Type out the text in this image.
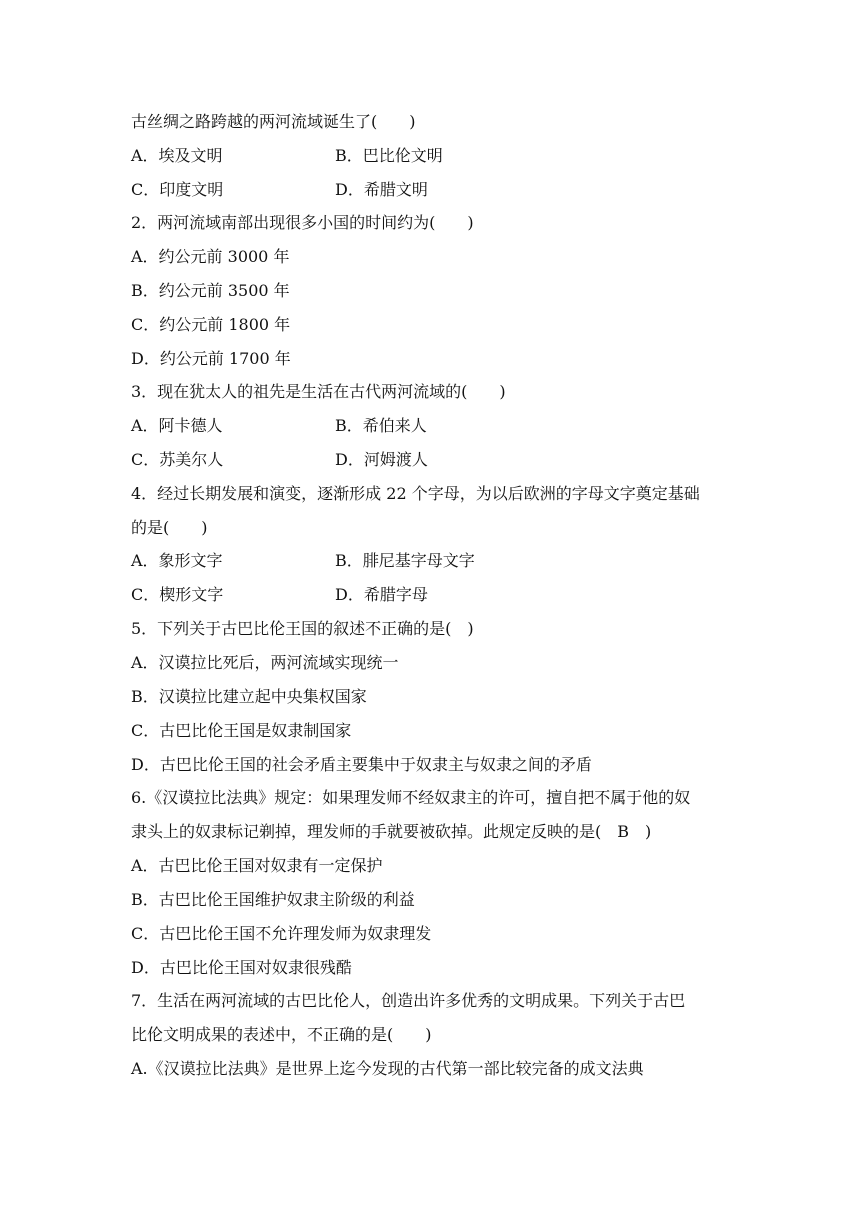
古丝绸之路跨越的两河流域诞生了(　　)
A．埃及文明	B．巴比伦文明
C．印度文明	D．希腊文明
2．两河流域南部出现很多小国的时间约为(　　)
A．约公元前 3000 年
B．约公元前 3500 年
C．约公元前 1800 年
D．约公元前 1700 年
3．现在犹太人的祖先是生活在古代两河流域的(　　)
A．阿卡德人	B．希伯来人
C．苏美尔人	D．河姆渡人
4．经过长期发展和演变，逐渐形成 22 个字母，为以后欧洲的字母文字奠定基础
的是(　　)
A．象形文字	B．腓尼基字母文字
C．楔形文字	D．希腊字母
5．下列关于古巴比伦王国的叙述不正确的是(　)
A．汉谟拉比死后，两河流域实现统一
B．汉谟拉比建立起中央集权国家
C．古巴比伦王国是奴隶制国家
D．古巴比伦王国的社会矛盾主要集中于奴隶主与奴隶之间的矛盾
6.《汉谟拉比法典》规定：如果理发师不经奴隶主的许可，擅自把不属于他的奴
隶头上的奴隶标记剃掉，理发师的手就要被砍掉。此规定反映的是(　B　)
A．古巴比伦王国对奴隶有一定保护
B．古巴比伦王国维护奴隶主阶级的利益
C．古巴比伦王国不允许理发师为奴隶理发
D．古巴比伦王国对奴隶很残酷
7．生活在两河流域的古巴比伦人，创造出许多优秀的文明成果。下列关于古巴
比伦文明成果的表述中，不正确的是(　　)
A.《汉谟拉比法典》是世界上迄今发现的古代第一部比较完备的成文法典
